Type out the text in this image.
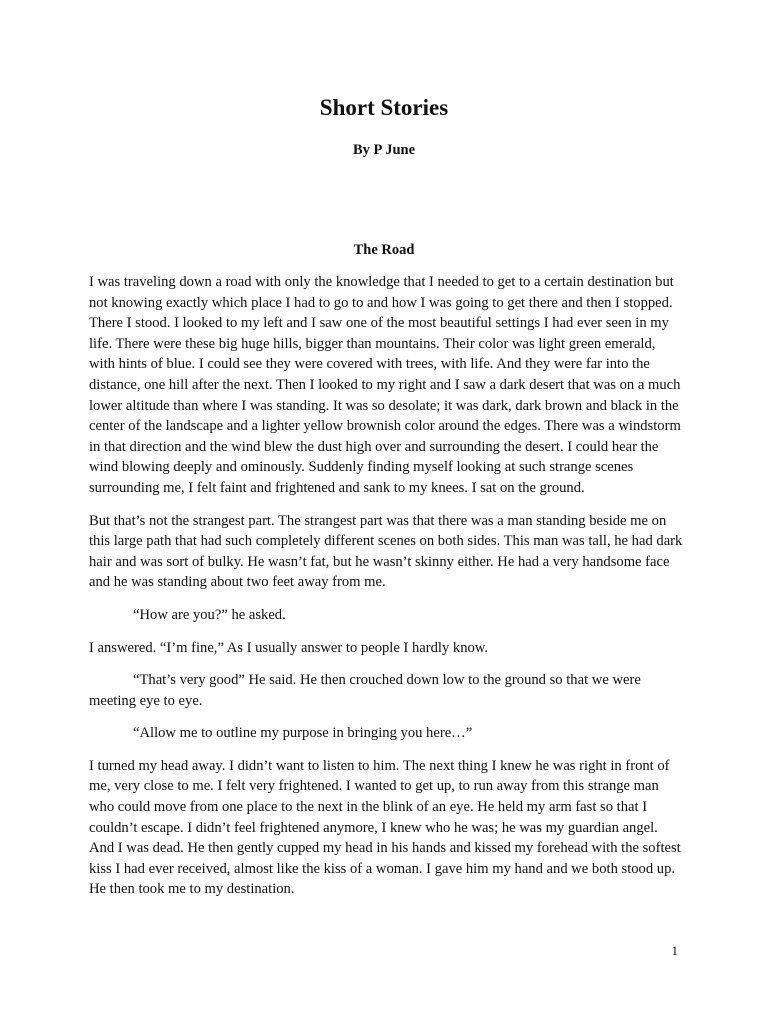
Short Stories
By P June
The Road

I was traveling down a road with only the knowledge that I needed to get to a certain destination but not knowing exactly which place I had to go to and how I was going to get there and then I stopped. There I stood. I looked to my left and I saw one of the most beautiful settings I had ever seen in my life. There were these big huge hills, bigger than mountains. Their color was light green emerald, with hints of blue. I could see they were covered with trees, with life. And they were far into the distance, one hill after the next. Then I looked to my right and I saw a dark desert that was on a much lower altitude than where I was standing. It was so desolate; it was dark, dark brown and black in the center of the landscape and a lighter yellow brownish color around the edges. There was a windstorm in that direction and the wind blew the dust high over and surrounding the desert. I could hear the wind blowing deeply and ominously. Suddenly finding myself looking at such strange scenes surrounding me, I felt faint and frightened and sank to my knees. I sat on the ground.

But that’s not the strangest part. The strangest part was that there was a man standing beside me on this large path that had such completely different scenes on both sides. This man was tall, he had dark hair and was sort of bulky. He wasn’t fat, but he wasn’t skinny either. He had a very handsome face and he was standing about two feet away from me.

“How are you?” he asked.

I answered. “I’m fine,” As I usually answer to people I hardly know.

“That’s very good” He said. He then crouched down low to the ground so that we were meeting eye to eye.

“Allow me to outline my purpose in bringing you here…”

I turned my head away. I didn’t want to listen to him. The next thing I knew he was right in front of me, very close to me. I felt very frightened. I wanted to get up, to run away from this strange man who could move from one place to the next in the blink of an eye. He held my arm fast so that I couldn’t escape. I didn’t feel frightened anymore, I knew who he was; he was my guardian angel. And I was dead. He then gently cupped my head in his hands and kissed my forehead with the softest kiss I had ever received, almost like the kiss of a woman. I gave him my hand and we both stood up. He then took me to my destination.

1
